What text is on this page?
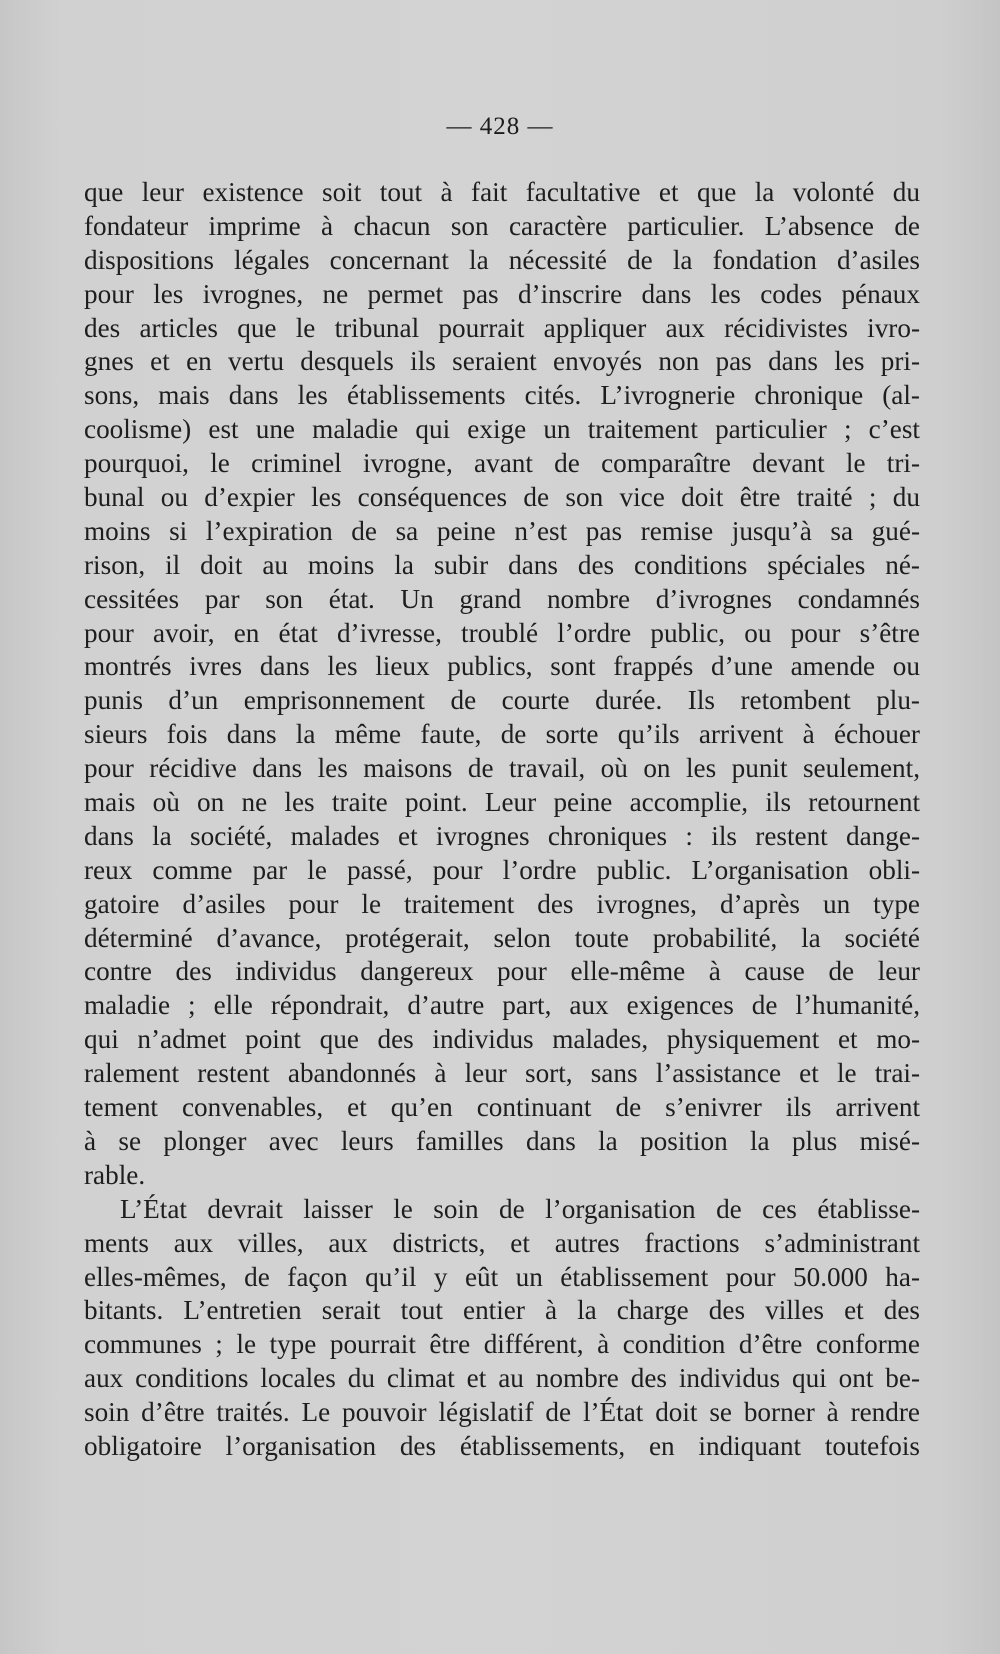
— 428 —
que leur existence soit tout à fait facultative et que la volonté du
fondateur imprime à chacun son caractère particulier. L’absence de
dispositions légales concernant la nécessité de la fondation d’asiles
pour les ivrognes, ne permet pas d’inscrire dans les codes pénaux
des articles que le tribunal pourrait appliquer aux récidivistes ivro-
gnes et en vertu desquels ils seraient envoyés non pas dans les pri-
sons, mais dans les établissements cités. L’ivrognerie chronique (al-
coolisme) est une maladie qui exige un traitement particulier ; c’est
pourquoi, le criminel ivrogne, avant de comparaître devant le tri-
bunal ou d’expier les conséquences de son vice doit être traité ; du
moins si l’expiration de sa peine n’est pas remise jusqu’à sa gué-
rison, il doit au moins la subir dans des conditions spéciales né-
cessitées par son état. Un grand nombre d’ivrognes condamnés
pour avoir, en état d’ivresse, troublé l’ordre public, ou pour s’être
montrés ivres dans les lieux publics, sont frappés d’une amende ou
punis d’un emprisonnement de courte durée. Ils retombent plu-
sieurs fois dans la même faute, de sorte qu’ils arrivent à échouer
pour récidive dans les maisons de travail, où on les punit seulement,
mais où on ne les traite point. Leur peine accomplie, ils retournent
dans la société, malades et ivrognes chroniques : ils restent dange-
reux comme par le passé, pour l’ordre public. L’organisation obli-
gatoire d’asiles pour le traitement des ivrognes, d’après un type
déterminé d’avance, protégerait, selon toute probabilité, la société
contre des individus dangereux pour elle-même à cause de leur
maladie ; elle répondrait, d’autre part, aux exigences de l’humanité,
qui n’admet point que des individus malades, physiquement et mo-
ralement restent abandonnés à leur sort, sans l’assistance et le trai-
tement convenables, et qu’en continuant de s’enivrer ils arrivent
à se plonger avec leurs familles dans la position la plus misé-
rable.
L’État devrait laisser le soin de l’organisation de ces établisse-
ments aux villes, aux districts, et autres fractions s’administrant
elles-mêmes, de façon qu’il y eût un établissement pour 50.000 ha-
bitants. L’entretien serait tout entier à la charge des villes et des
communes ; le type pourrait être différent, à condition d’être conforme
aux conditions locales du climat et au nombre des individus qui ont be-
soin d’être traités. Le pouvoir législatif de l’État doit se borner à rendre
obligatoire l’organisation des établissements, en indiquant toutefois
